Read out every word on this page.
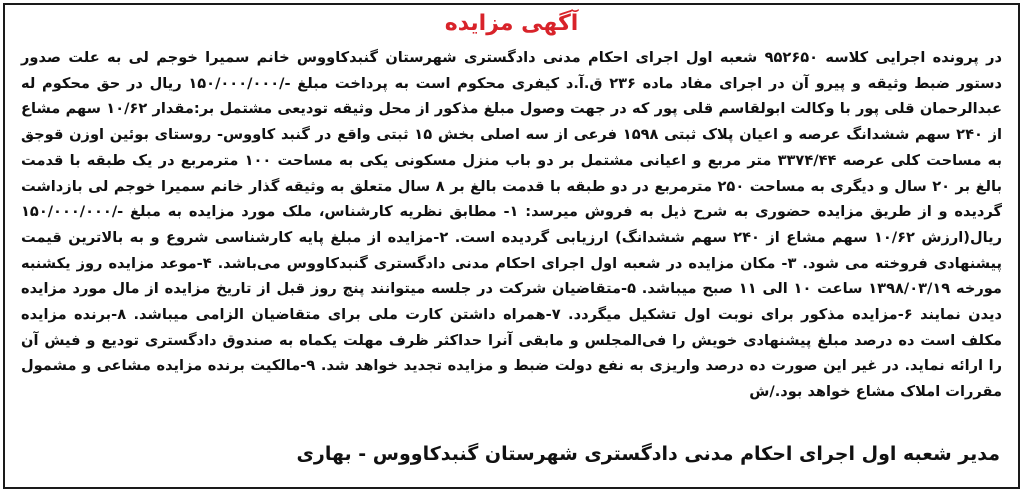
آگهی مزایده
در پرونده اجرایی کلاسه ۹۵۲۶۵۰ شعبه اول اجرای احکام مدنی دادگستری شهرستان گنبدکاووس خانم سمیرا خوجم لی به علت صدور دستور ضبط وثیقه و پیرو آن در اجرای مفاد ماده ۲۳۶ ق.آ.د کیفری محکوم است به پرداخت مبلغ -/۱۵۰/۰۰۰/۰۰۰ ریال در حق محکوم له عبدالرحمان قلی پور با وکالت ابولقاسم قلی پور که در جهت وصول مبلغ مذکور از محل وثیقه تودیعی مشتمل بر:مقدار ۱۰/۶۲ سهم مشاع از ۲۴۰ سهم ششدانگ عرصه و اعیان پلاک ثبتی ۱۵۹۸ فرعی از سه اصلی بخش ۱۵ ثبتی واقع در گنبد کاووس- روستای بوئین اوزن قوجق به مساحت کلی عرصه ۳۳۷۴/۴۴ متر مربع و اعیانی مشتمل بر دو باب منزل مسکونی یکی به مساحت ۱۰۰ مترمربع در یک طبقه با قدمت بالغ بر ۲۰ سال و دیگری به مساحت ۲۵۰ مترمربع در دو طبقه با قدمت بالغ بر ۸ سال متعلق به وثیقه گذار خانم سمیرا خوجم لی بازداشت گردیده و از طریق مزایده حضوری به شرح ذیل به فروش میرسد: ۱- مطابق نظریه کارشناس، ملک مورد مزایده به مبلغ -/۱۵۰/۰۰۰/۰۰۰ ریال(ارزش ۱۰/۶۲ سهم مشاع از ۲۴۰ سهم ششدانگ) ارزیابی گردیده است. ۲-مزایده از مبلغ پایه کارشناسی شروع و به بالاترین قیمت پیشنهادی فروخته می شود. ۳- مکان مزایده در شعبه اول اجرای احکام مدنی دادگستری گنبدکاووس می‌باشد. ۴-موعد مزایده روز یکشنبه مورخه ۱۳۹۸/۰۳/۱۹ ساعت ۱۰ الی ۱۱ صبح میباشد. ۵-متقاضیان شرکت در جلسه میتوانند پنج روز قبل از تاریخ مزایده از مال مورد مزایده دیدن نمایند ۶-مزایده مذکور برای نوبت اول تشکیل میگردد. ۷-همراه داشتن کارت ملی برای متقاضیان الزامی میباشد. ۸-برنده مزایده مکلف است ده درصد مبلغ پیشنهادی خویش را فی‌المجلس و مابقی آنرا حداکثر ظرف مهلت یکماه به صندوق دادگستری تودیع و فیش آن را ارائه نماید. در غیر این صورت ده درصد واریزی به نفع دولت ضبط و مزایده تجدید خواهد شد. ۹-مالکیت برنده مزایده مشاعی و مشمول مقررات املاک مشاع خواهد بود./ش
مدیر شعبه اول اجرای احکام مدنی دادگستری شهرستان گنبدکاووس - بهاری
